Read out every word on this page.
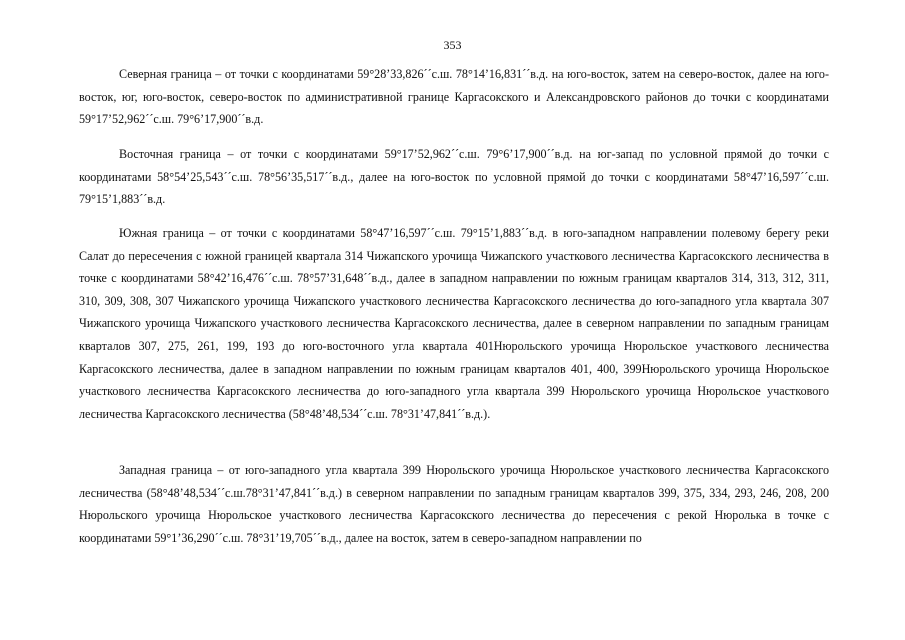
353

Северная граница – от точки с координатами 59°28’33,826´´с.ш. 78°14’16,831´´в.д. на юго-восток, затем на северо-восток, далее на юго-восток, юг, юго-восток, северо-восток по административной границе Каргасокского и Александровского районов до точки с координатами 59°17’52,962´´с.ш. 79°6’17,900´´в.д.

Восточная граница – от точки с координатами 59°17’52,962´´с.ш. 79°6’17,900´´в.д. на юг-запад по условной прямой до точки с координатами 58°54’25,543´´с.ш. 78°56’35,517´´в.д., далее на юго-восток по условной прямой до точки с координатами 58°47’16,597´´с.ш. 79°15’1,883´´в.д.

Южная граница – от точки с координатами 58°47’16,597´´с.ш. 79°15’1,883´´в.д. в юго-западном направлении полевому берегу реки Салат до пересечения с южной границей квартала 314 Чижапского урочища Чижапского участкового лесничества Каргасокского лесничества в точке с координатами 58°42’16,476´´с.ш. 78°57’31,648´´в.д., далее в западном направлении по южным границам кварталов 314, 313, 312, 311, 310, 309, 308, 307 Чижапского урочища Чижапского участкового лесничества Каргасокского лесничества до юго-западного угла квартала 307 Чижапского урочища Чижапского участкового лесничества Каргасокского лесничества, далее в северном направлении по западным границам кварталов 307, 275, 261, 199, 193 до юго-восточного угла квартала 401Нюрольского урочища Нюрольское участкового лесничества Каргасокского лесничества, далее в западном направлении по южным границам кварталов 401, 400, 399Нюрольского урочища Нюрольское участкового лесничества Каргасокского лесничества до юго-западного угла квартала 399 Нюрольского урочища Нюрольское участкового лесничества Каргасокского лесничества (58°48’48,534´´с.ш. 78°31’47,841´´в.д.).

Западная граница – от юго-западного угла квартала 399 Нюрольского урочища Нюрольское участкового лесничества Каргасокского лесничества (58°48’48,534´´с.ш.78°31’47,841´´в.д.) в северном направлении по западным границам кварталов 399, 375, 334, 293, 246, 208, 200 Нюрольского урочища Нюрольское участкового лесничества Каргасокского лесничества до пересечения с рекой Нюролька в точке с координатами 59°1’36,290´´с.ш. 78°31’19,705´´в.д., далее на восток, затем в северо-западном направлении по
